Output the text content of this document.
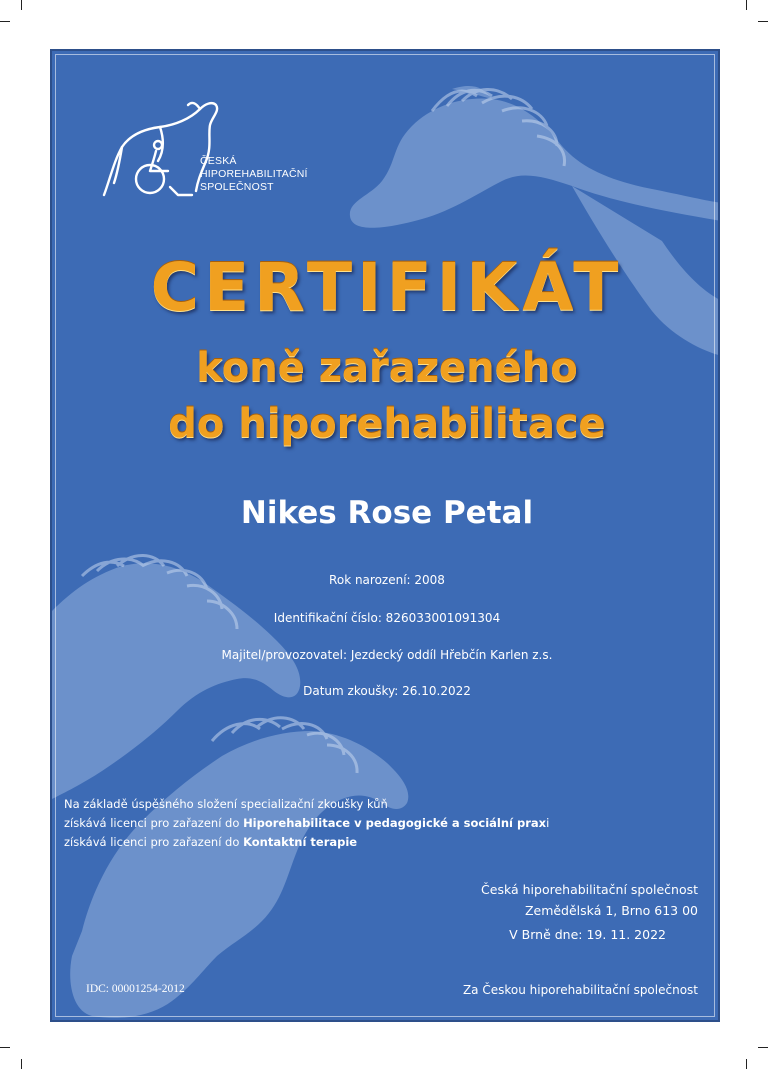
ČESKÁ
HIPOREHABILITAČNÍ
SPOLEČNOST
CERTIFIKÁT
koně zařazeného
do hiporehabilitace
Nikes Rose Petal
Rok narození: 2008
Identifikační číslo: 826033001091304
Majitel/provozovatel: Jezdecký oddíl Hřebčín Karlen z.s.
Datum zkoušky: 26.10.2022
Na základě úspěšného složení specializační zkoušky kůň
získává licenci pro zařazení do Hiporehabilitace v pedagogické a sociální praxi
získává licenci pro zařazení do Kontaktní terapie
Česká hiporehabilitační společnost
Zemědělská 1, Brno 613 00
V Brně dne: 19. 11. 2022
IDC: 00001254-2012	Za Českou hiporehabilitační společnost
